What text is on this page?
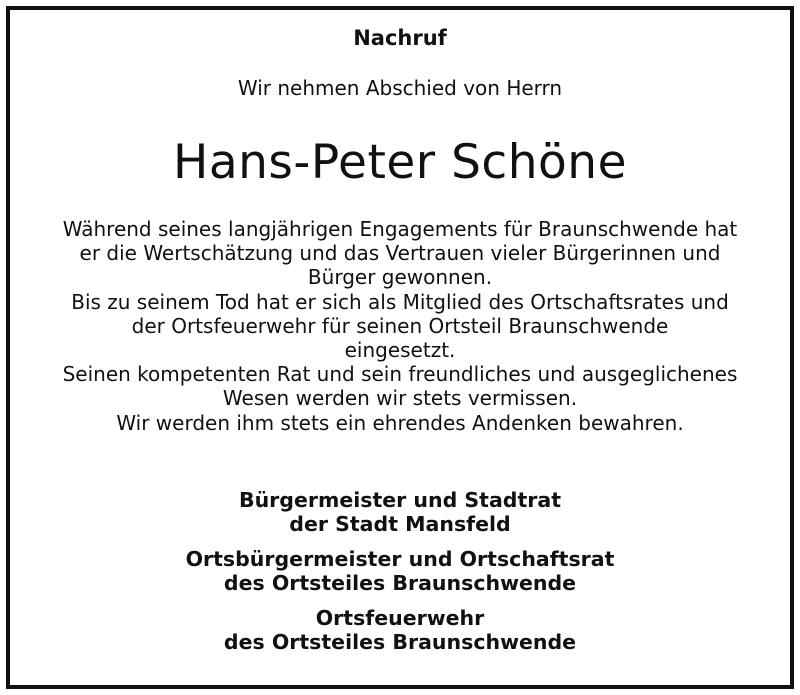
Nachruf
Wir nehmen Abschied von Herrn
Hans-Peter Schöne

Während seines langjährigen Engagements für Braunschwende hat

er die Wertschätzung und das Vertrauen vieler Bürgerinnen und

Bürger gewonnen.

Bis zu seinem Tod hat er sich als Mitglied des Ortschaftsrates und

der Ortsfeuerwehr für seinen Ortsteil Braunschwende

eingesetzt.

Seinen kompetenten Rat und sein freundliches und ausgeglichenes

Wesen werden wir stets vermissen.

Wir werden ihm stets ein ehrendes Andenken bewahren.

Bürgermeister und Stadtrat
der Stadt Mansfeld
Ortsbürgermeister und Ortschaftsrat
des Ortsteiles Braunschwende
Ortsfeuerwehr
des Ortsteiles Braunschwende
